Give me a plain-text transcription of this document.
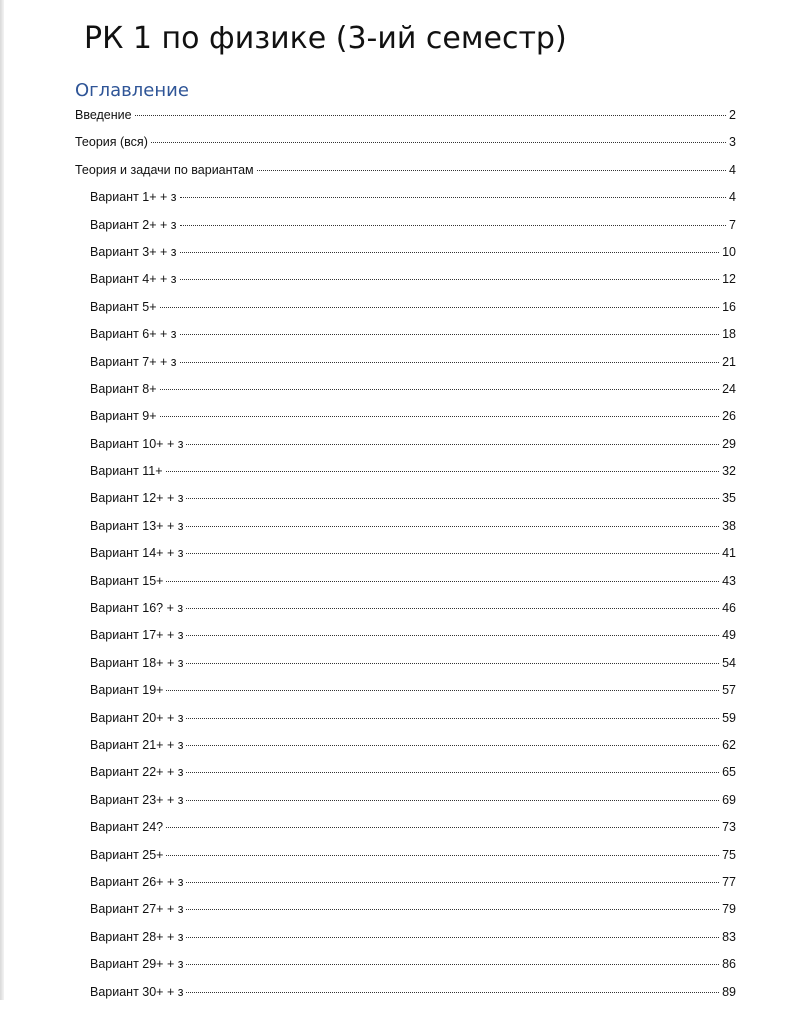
РК 1 по физике (3-ий семестр)
Оглавление
Введение	2
Теория (вся)	3
Теория и задачи по вариантам	4
Вариант 1+ + з	4
Вариант 2+ + з	7
Вариант 3+ + з	10
Вариант 4+ + з	12
Вариант 5+	16
Вариант 6+ + з	18
Вариант 7+ + з	21
Вариант 8+	24
Вариант 9+	26
Вариант 10+ + з	29
Вариант 11+	32
Вариант 12+ + з	35
Вариант 13+ + з	38
Вариант 14+ + з	41
Вариант 15+	43
Вариант 16? + з	46
Вариант 17+ + з	49
Вариант 18+ + з	54
Вариант 19+	57
Вариант 20+ + з	59
Вариант 21+ + з	62
Вариант 22+ + з	65
Вариант 23+ + з	69
Вариант 24?	73
Вариант 25+	75
Вариант 26+ + з	77
Вариант 27+ + з	79
Вариант 28+ + з	83
Вариант 29+ + з	86
Вариант 30+ + з	89
